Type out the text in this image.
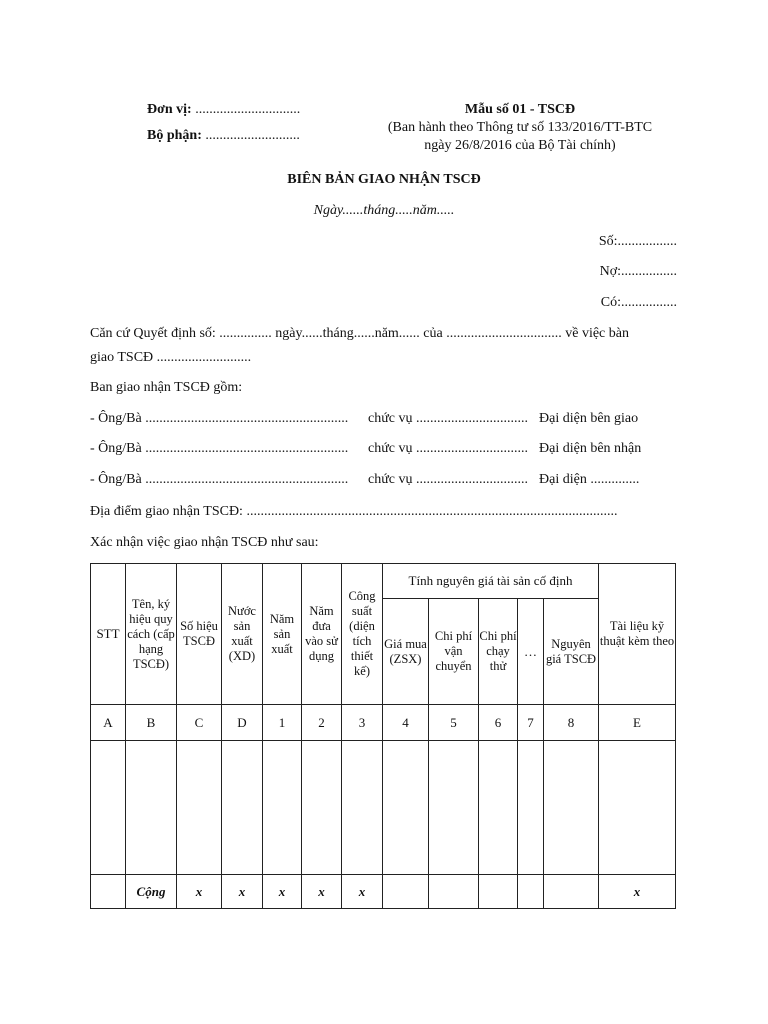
Đơn vị: ..............................
Bộ phận: ...........................
Mẫu số 01 - TSCĐ
(Ban hành theo Thông tư số 133/2016/TT-BTC
ngày 26/8/2016 của Bộ Tài chính)
BIÊN BẢN GIAO NHẬN TSCĐ
Ngày......tháng.....năm.....
Số:.................
Nợ:................
Có:................
Căn cứ Quyết định số: ............... ngày......tháng......năm...... của ................................. về việc bàn
giao TSCĐ ...........................
Ban giao nhận TSCĐ gồm:
- Ông/Bà .......................................................... chức vụ ................................ Đại diện bên giao
- Ông/Bà .......................................................... chức vụ ................................ Đại diện bên nhận
- Ông/Bà .......................................................... chức vụ ................................ Đại diện ..............
Địa điểm giao nhận TSCĐ: ..........................................................................................................
Xác nhận việc giao nhận TSCĐ như sau:
STT	Tên, ký hiệu quy cách (cấp hạng TSCĐ)	Số hiệu TSCĐ	Nước sản xuất (XD)	Năm sản xuất	Năm đưa vào sử dụng	Công suất (diện tích thiết kế)	Tính nguyên giá tài sản cố định					Tài liệu kỹ thuật kèm theo
							Giá mua (ZSX)	Chi phí vận chuyển	Chi phí chạy thử	…	Nguyên giá TSCĐ	
A	B	C	D	1	2	3	4	5	6	7	8	E

	Cộng	x	x	x	x	x						x
